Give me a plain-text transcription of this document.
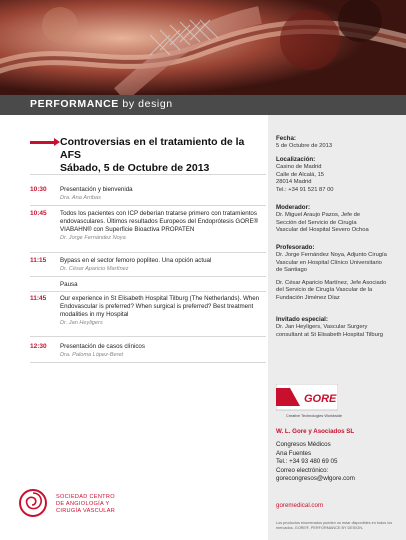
PERFORMANCE by design
Controversias en el tratamiento de la AFS
Sábado, 5 de Octubre de 2013
10:30 Presentación y bienvenida
Dra. Ana Arribas
10:45 Todos los pacientes con ICP deberían tratarse primero con tratamientos endovasculares. Últimos resultados Europeos del Endoprótesis GORE® VIABAHN® con Superficie Bioactiva PROPATEN
Dr. Jorge Fernández Noya
11:15 Bypass en el sector femoro popliteo. Una opción actual
Dr. César Aparicio Martínez
Pausa
11:45 Our experience in St Elisabeth Hospital Tilburg (The Netherlands). When Endovascular is preferred? When surgical is preferred? Best treatment modalities in my Hospital
Dr. Jan Heyligers
12:30 Presentación de casos clínicos
Dra. Paloma López-Beret
Fecha:
5 de Octubre de 2013
Localización:
Casino de Madrid
Calle de Alcalá, 15
28014 Madrid
Tel.: +34 91 521 87 00
Moderador:
Dr. Miguel Araujo Pazos, Jefe de
Sección del Servicio de Cirugía
Vascular del Hospital Severo Ochoa
Profesorado:
Dr. Jorge Fernández Noya, Adjunto Cirugía
Vascular en Hospital Clínico Universitario
de Santiago
Dr. César Aparicio Martínez, Jefe Asociado
del Servicio de Cirugía Vascular de la
Fundación Jiménez Díaz
Invitado especial:
Dr. Jan Heyligers, Vascular Surgery
consultant at St Elisabeth Hospital Tilburg
GORE
Creative Technologies Worldwide
W. L. Gore y Asociados SL
Congresos Médicos
Ana Fuentes
Tel.: +34 93 480 69 05
Correo electrónico:
gorecongresos@wlgore.com
goremedical.com
Los productos enumerados pueden no estar disponibles en todos los mercados. GORE®, PERFORMANCE BY DESIGN,
SOCIEDAD CENTRO
DE ANGIOLOGÍA Y
CIRUGÍA VASCULAR
